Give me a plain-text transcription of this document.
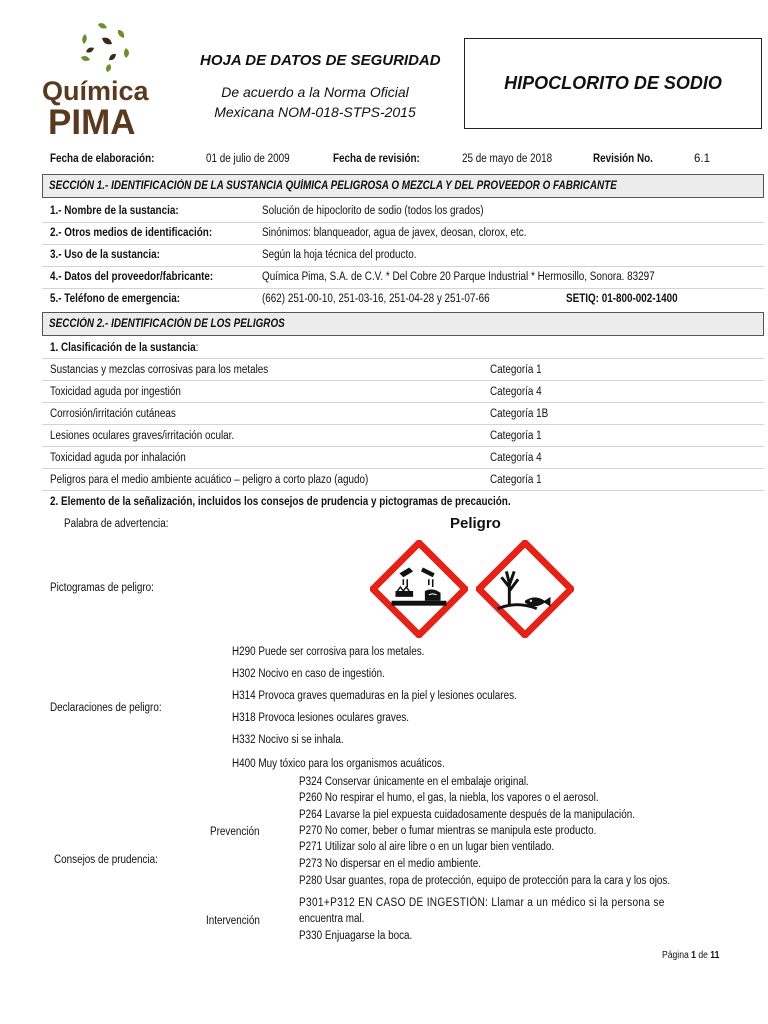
Química
PIMA
HOJA DE DATOS DE SEGURIDAD
De acuerdo a la Norma Oficial
Mexicana NOM-018-STPS-2015
HIPOCLORITO DE SODIO
Fecha de elaboración:	01 de julio de 2009	Fecha de revisión:	25 de mayo de 2018	Revisión No.	6.1
SECCIÓN 1.- IDENTIFICACIÓN DE LA SUSTANCIA QUÍMICA PELIGROSA O MEZCLA Y DEL PROVEEDOR O FABRICANTE
1.- Nombre de la sustancia:	Solución de hipoclorito de sodio (todos los grados)
2.- Otros medios de identificación:	Sinónimos: blanqueador, agua de javex, deosan, clorox, etc.
3.- Uso de la sustancia:	Según la hoja técnica del producto.
4.- Datos del proveedor/fabricante:	Química Pima, S.A. de C.V. * Del Cobre 20 Parque Industrial * Hermosillo, Sonora. 83297
5.- Teléfono de emergencia:	(662) 251-00-10, 251-03-16, 251-04-28 y 251-07-66	SETIQ: 01-800-002-1400
SECCIÓN 2.- IDENTIFICACIÓN DE LOS PELIGROS
1. Clasificación de la sustancia:
Sustancias y mezclas corrosivas para los metales	Categoría 1
Toxicidad aguda por ingestión	Categoría 4
Corrosión/irritación cutáneas	Categoría 1B
Lesiones oculares graves/irritación ocular.	Categoría 1
Toxicidad aguda por inhalación	Categoría 4
Peligros para el medio ambiente acuático – peligro a corto plazo (agudo)	Categoría 1
2. Elemento de la señalización, incluidos los consejos de prudencia y pictogramas de precaución.
Palabra de advertencia:	Peligro
Pictogramas de peligro:
Declaraciones de peligro:
H290 Puede ser corrosiva para los metales.
H302 Nocivo en caso de ingestión.
H314 Provoca graves quemaduras en la piel y lesiones oculares.
H318 Provoca lesiones oculares graves.
H332 Nocivo si se inhala.
H400 Muy tóxico para los organismos acuáticos.
Consejos de prudencia:
Prevención
P324 Conservar únicamente en el embalaje original.
P260 No respirar el humo, el gas, la niebla, los vapores o el aerosol.
P264 Lavarse la piel expuesta cuidadosamente después de la manipulación.
P270 No comer, beber o fumar mientras se manipula este producto.
P271 Utilizar solo al aire libre o en un lugar bien ventilado.
P273 No dispersar en el medio ambiente.
P280 Usar guantes, ropa de protección, equipo de protección para la cara y los ojos.
Intervención
P301+P312 EN CASO DE INGESTIÓN: Llamar a un médico si la persona se
encuentra mal.
P330 Enjuagarse la boca.
Página 1 de 11
